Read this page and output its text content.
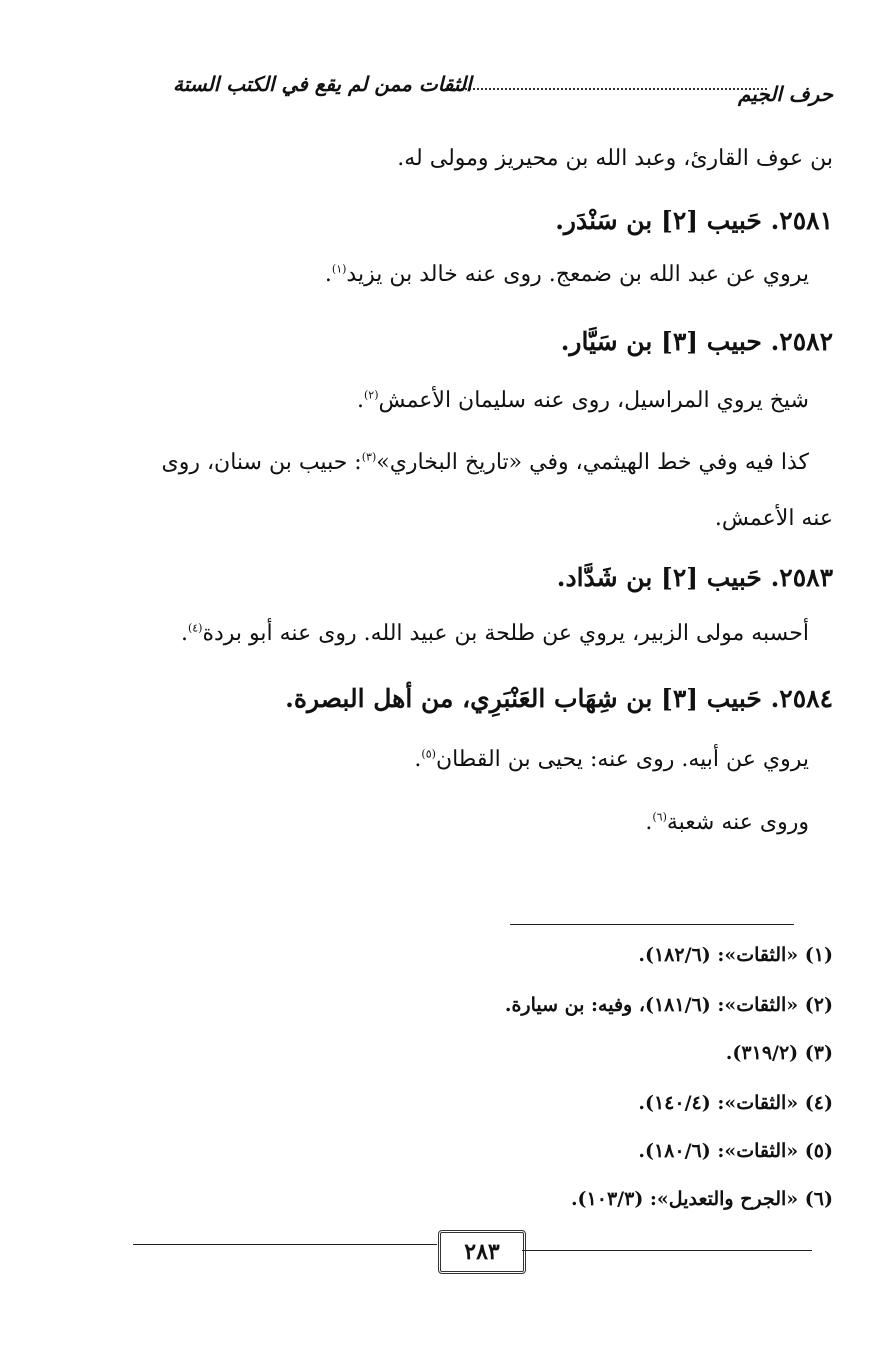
حرف الجيم
الثقات ممن لم يقع في الكتب الستة
بن عوف القارئ، وعبد الله بن محيريز ومولى له.
٢٥٨١. حَبيب [٢] بن سَنْدَر.
يروي عن عبد الله بن ضمعج. روى عنه خالد بن يزيد$^{(١)}$.
٢٥٨٢. حبيب [٣] بن سَيَّار.
شيخ يروي المراسيل، روى عنه سليمان الأعمش$^{(٢)}$.
كذا فيه وفي خط الهيثمي، وفي «تاريخ البخاري»$^{(٣)}$: حبيب بن سنان، روى
عنه الأعمش.
٢٥٨٣. حَبيب [٢] بن شَدَّاد.
أحسبه مولى الزبير، يروي عن طلحة بن عبيد الله. روى عنه أبو بردة$^{(٤)}$.
٢٥٨٤. حَبيب [٣] بن شِهَاب العَنْبَرِي، من أهل البصرة.
يروي عن أبيه. روى عنه: يحيى بن القطان$^{(٥)}$.
وروى عنه شعبة$^{(٦)}$.
(١) «الثقات»: (١٨٢/٦).
(٢) «الثقات»: (١٨١/٦)، وفيه: بن سيارة.
(٣) (٣١٩/٢).
(٤) «الثقات»: (١٤٠/٤).
(٥) «الثقات»: (١٨٠/٦).
(٦) «الجرح والتعديل»: (١٠٣/٣).
٢٨٣
